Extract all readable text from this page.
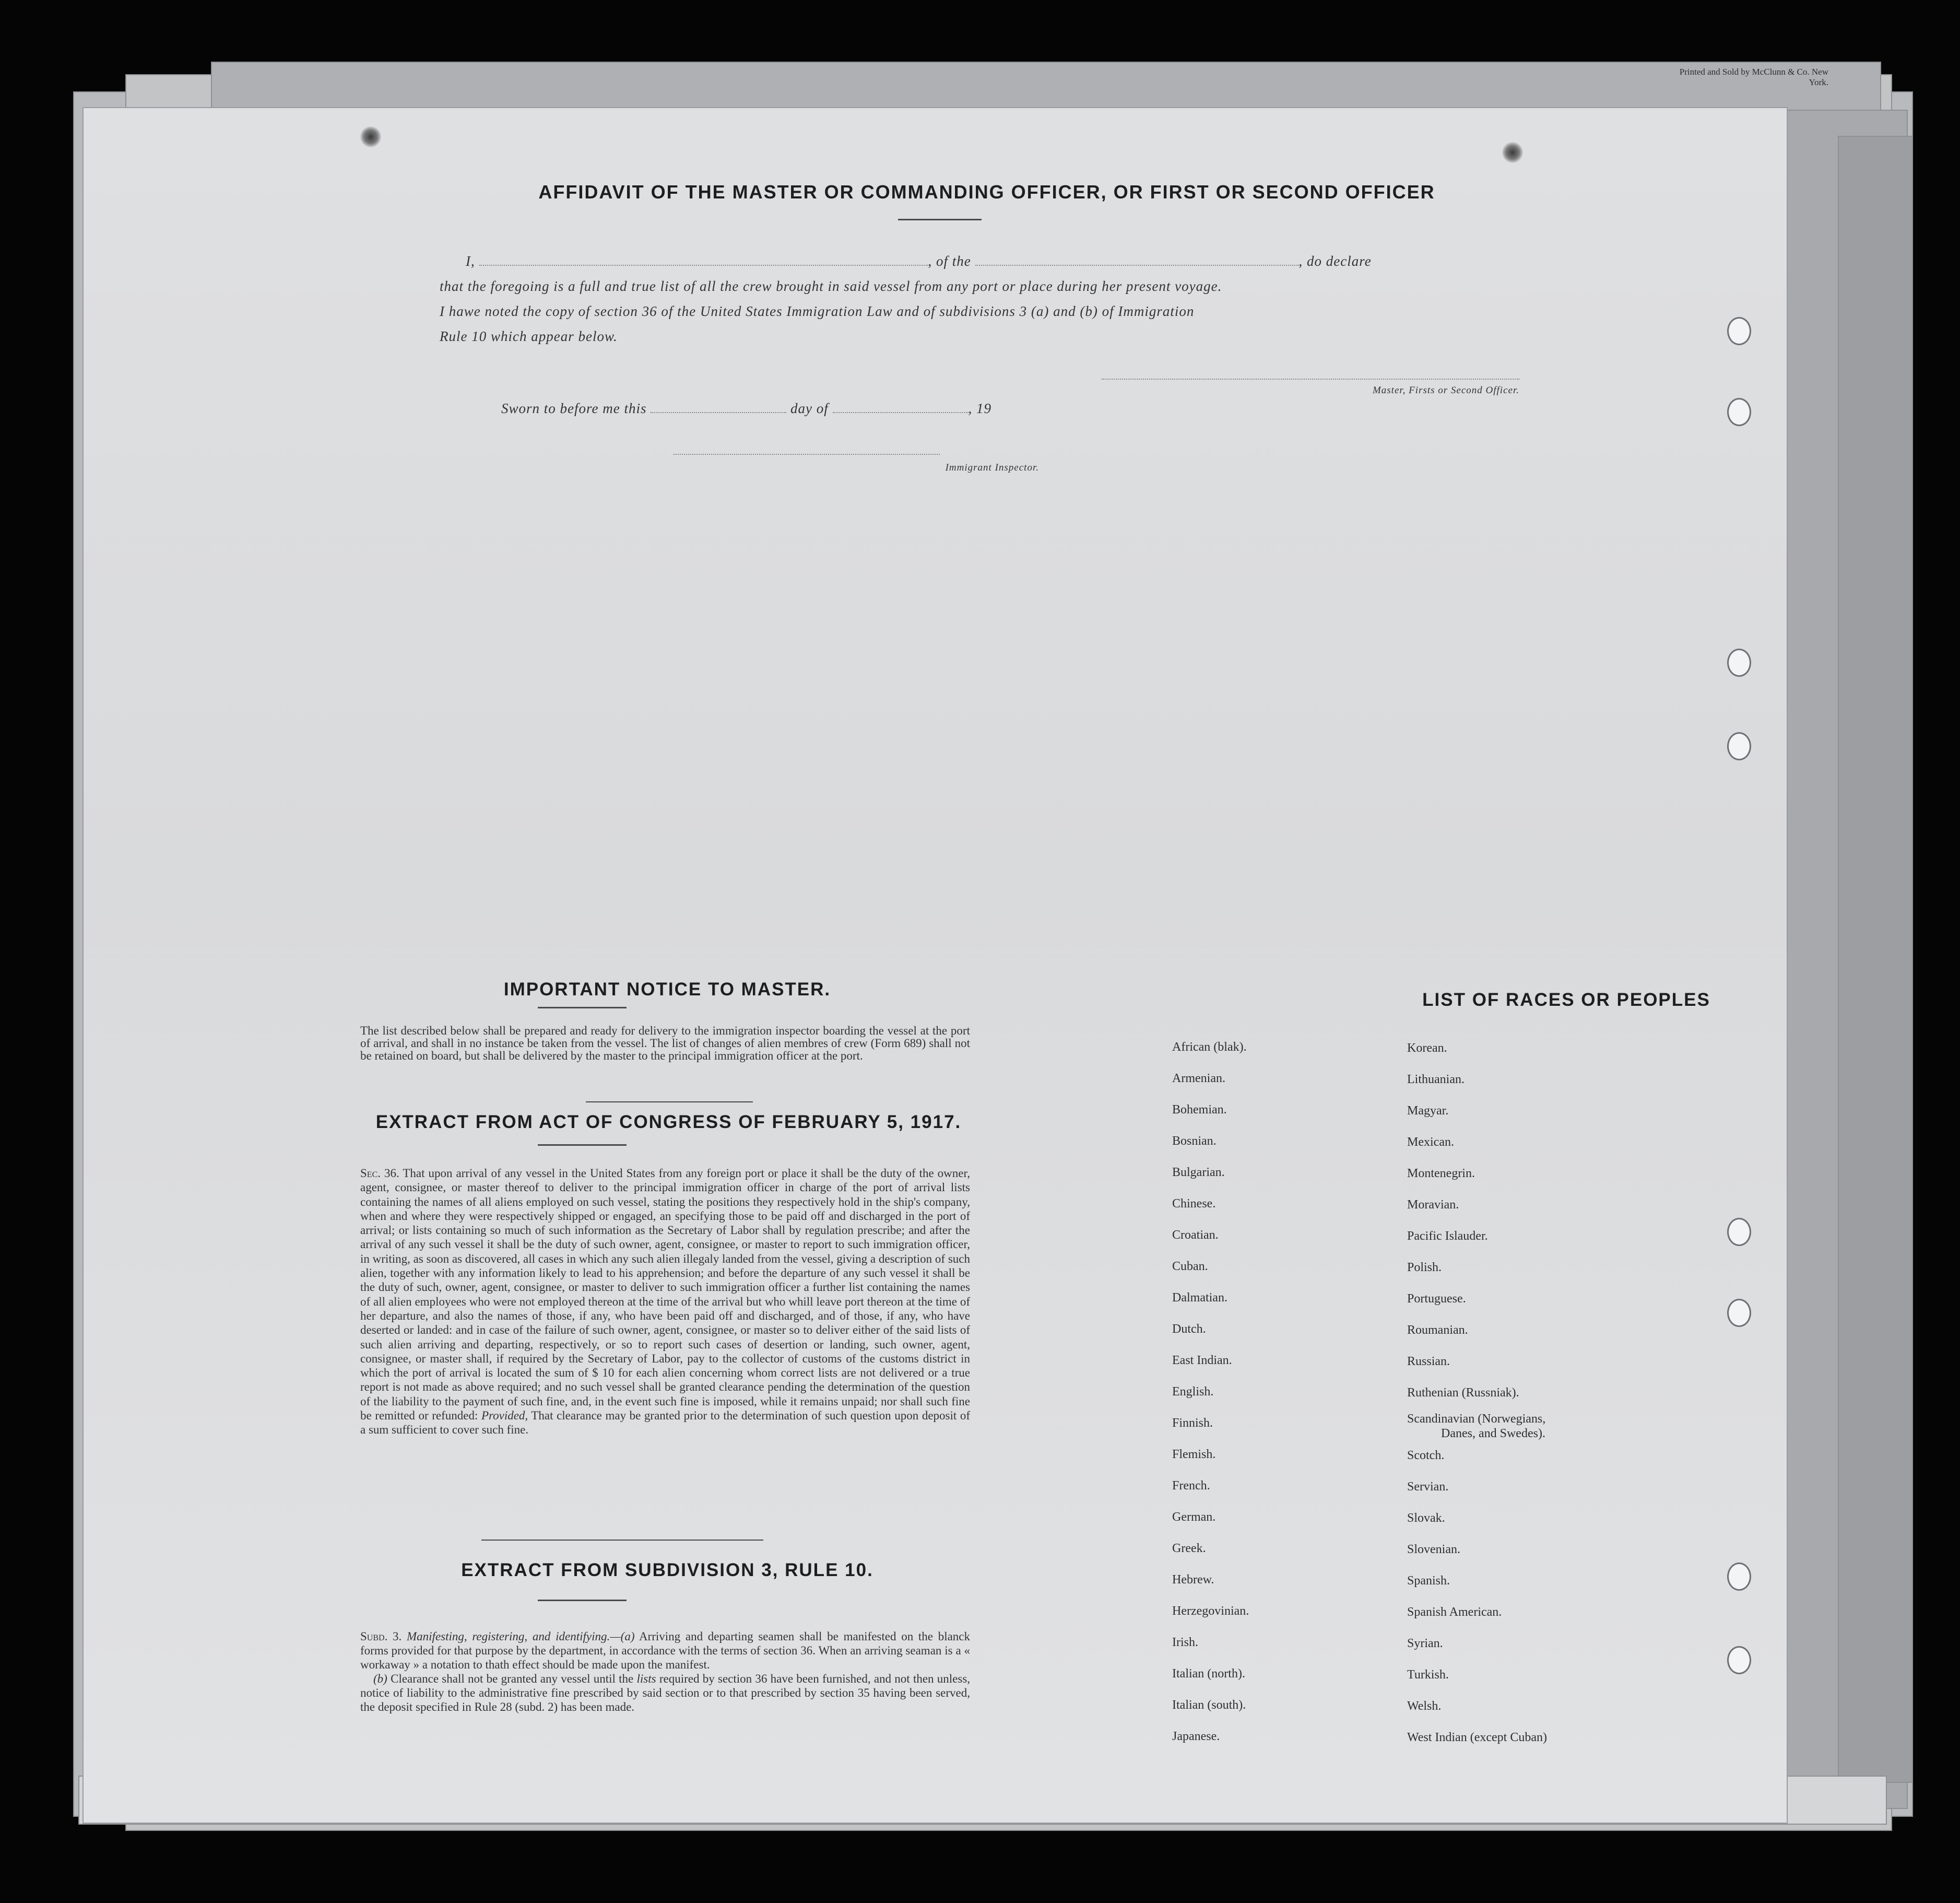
Printed and Sold by McClunn & Co. New York.
AFFIDAVIT OF THE MASTER OR COMMANDING OFFICER, OR FIRST OR SECOND OFFICER
I,	, of the	, do declare
that the foregoing is a full and true list of all the crew brought in said vessel from any port or place during her present voyage.
I hawe noted the copy of section 36 of the United States Immigration Law and of subdivisions 3 (a) and (b) of Immigration
Rule 10 which appear below.
Master, Firsts or Second Officer.
Sworn to before me this	day of	, 19
Immigrant Inspector.
IMPORTANT NOTICE TO MASTER.
The list described below shall be prepared and ready for delivery to the immigration inspector boarding the vessel at the port of arrival, and shall in no instance be taken from the vessel. The list of changes of alien membres of crew (Form 689) shall not be retained on board, but shall be delivered by the master to the principal immigration officer at the port.
EXTRACT FROM ACT OF CONGRESS OF FEBRUARY 5, 1917.
Sec. 36. That upon arrival of any vessel in the United States from any foreign port or place it shall be the duty of the owner, agent, consignee, or master thereof to deliver to the principal immigration officer in charge of the port of arrival lists containing the names of all aliens employed on such vessel, stating the positions they respectively hold in the ship's company, when and where they were respectively shipped or engaged, an specifying those to be paid off and discharged in the port of arrival; or lists containing so much of such information as the Secretary of Labor shall by regulation prescribe; and after the arrival of any such vessel it shall be the duty of such owner, agent, consignee, or master to report to such immigration officer, in writing, as soon as discovered, all cases in which any such alien illegaly landed from the vessel, giving a description of such alien, together with any information likely to lead to his apprehension; and before the departure of any such vessel it shall be the duty of such, owner, agent, consignee, or master to deliver to such immigration officer a further list containing the names of all alien employees who were not employed thereon at the time of the arrival but who whill leave port thereon at the time of her departure, and also the names of those, if any, who have been paid off and discharged, and of those, if any, who have deserted or landed: and in case of the failure of such owner, agent, consignee, or master so to deliver either of the said lists of such alien arriving and departing, respectively, or so to report such cases of desertion or landing, such owner, agent, consignee, or master shall, if required by the Secretary of Labor, pay to the collector of customs of the customs district in which the port of arrival is located the sum of $ 10 for each alien concerning whom correct lists are not delivered or a true report is not made as above required; and no such vessel shall be granted clearance pending the determination of the question of the liability to the payment of such fine, and, in the event such fine is imposed, while it remains unpaid; nor shall such fine be remitted or refunded: Provided, That clearance may be granted prior to the determination of such question upon deposit of a sum sufficient to cover such fine.
EXTRACT FROM SUBDIVISION 3, RULE 10.
Subd. 3. Manifesting, registering, and identifying.—(a) Arriving and departing seamen shall be manifested on the blanck forms provided for that purpose by the department, in accordance with the terms of section 36. When an arriving seaman is a « workaway » a notation to thath effect should be made upon the manifest.
(b) Clearance shall not be granted any vessel until the lists required by section 36 have been furnished, and not then unless, notice of liability to the administrative fine prescribed by said section or to that prescribed by section 35 having been served, the deposit specified in Rule 28 (subd. 2) has been made.
LIST OF RACES OR PEOPLES
African (blak).
Armenian.
Bohemian.
Bosnian.
Bulgarian.
Chinese.
Croatian.
Cuban.
Dalmatian.
Dutch.
East Indian.
English.
Finnish.
Flemish.
French.
German.
Greek.
Hebrew.
Herzegovinian.
Irish.
Italian (north).
Italian (south).
Japanese.
Korean.
Lithuanian.
Magyar.
Mexican.
Montenegrin.
Moravian.
Pacific Islauder.
Polish.
Portuguese.
Roumanian.
Russian.
Ruthenian (Russniak).
Scandinavian (Norwegians,
Danes, and Swedes).
Scotch.
Servian.
Slovak.
Slovenian.
Spanish.
Spanish American.
Syrian.
Turkish.
Welsh.
West Indian (except Cuban)
